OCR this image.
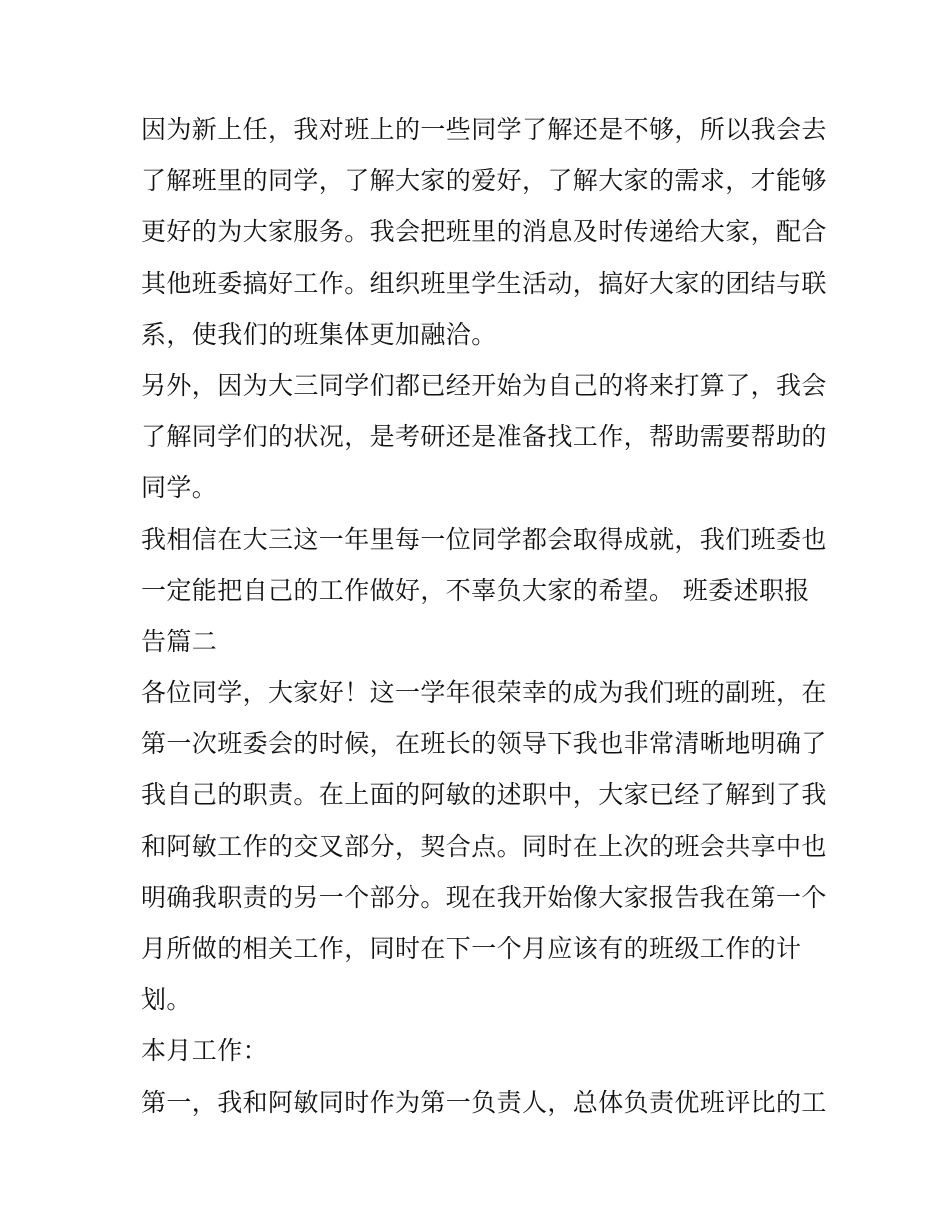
因为新上任，我对班上的一些同学了解还是不够，所以我会去
了解班里的同学，了解大家的爱好，了解大家的需求，才能够
更好的为大家服务。我会把班里的消息及时传递给大家，配合
其他班委搞好工作。组织班里学生活动，搞好大家的团结与联
系，使我们的班集体更加融洽。
另外，因为大三同学们都已经开始为自己的将来打算了，我会
了解同学们的状况，是考研还是准备找工作，帮助需要帮助的
同学。
我相信在大三这一年里每一位同学都会取得成就，我们班委也
一定能把自己的工作做好，不辜负大家的希望。 班委述职报
告篇二
各位同学，大家好！这一学年很荣幸的成为我们班的副班，在
第一次班委会的时候，在班长的领导下我也非常清晰地明确了
我自己的职责。在上面的阿敏的述职中，大家已经了解到了我
和阿敏工作的交叉部分，契合点。同时在上次的班会共享中也
明确我职责的另一个部分。现在我开始像大家报告我在第一个
月所做的相关工作，同时在下一个月应该有的班级工作的计
划。
本月工作：
第一，我和阿敏同时作为第一负责人，总体负责优班评比的工
